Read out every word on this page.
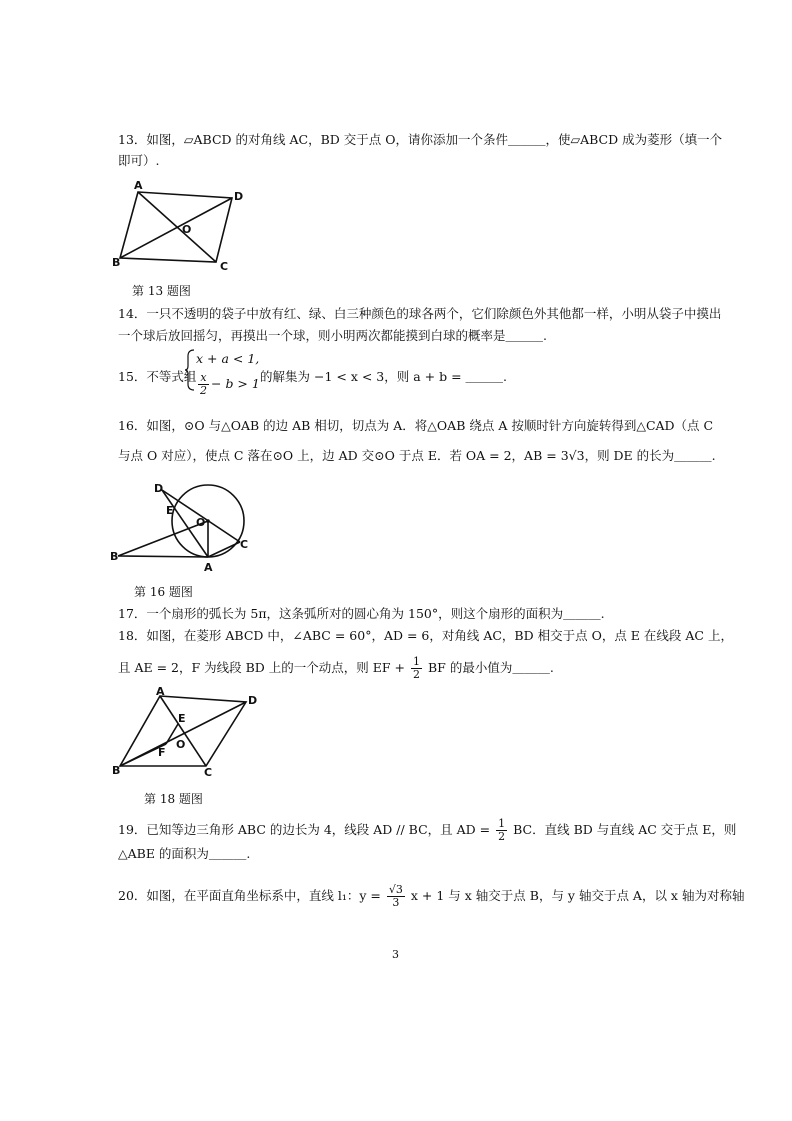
13．如图，▱ABCD 的对角线 AC，BD 交于点 O，请你添加一个条件＿＿＿，使▱ABCD 成为菱形（填一个
即可）.
A
D
O
B	C
第 13 题图
14．一只不透明的袋子中放有红、绿、白三种颜色的球各两个，它们除颜色外其他都一样，小明从袋子中摸出
一个球后放回摇匀，再摸出一个球，则小明两次都能摸到白球的概率是＿＿＿.
15．不等式组
x + a < 1,
$\frac{x}{2} - b > 1$ 的解集为 −1 < x < 3，则 a + b = ＿＿＿.
16．如图，⊙O 与△OAB 的边 AB 相切，切点为 A．将△OAB 绕点 A 按顺时针方向旋转得到△CAD（点 C
与点 O 对应），使点 C 落在⊙O 上，边 AD 交⊙O 于点 E．若 OA = 2，AB = 3√3，则 DE 的长为＿＿＿.
D
E
O
C
B
A
第 16 题图
17．一个扇形的弧长为 5π，这条弧所对的圆心角为 150°，则这个扇形的面积为＿＿＿.
18．如图，在菱形 ABCD 中，∠ABC = 60°，AD = 6，对角线 AC，BD 相交于点 O，点 E 在线段 AC 上，
且 AE = 2，F 为线段 BD 上的一个动点，则 EF + $\frac{1}{2}$ BF 的最小值为＿＿＿.
A
D
E
O
F
B	C
第 18 题图
19．已知等边三角形 ABC 的边长为 4，线段 AD // BC，且 AD = $\frac{1}{2}$ BC．直线 BD 与直线 AC 交于点 E，则
△ABE 的面积为＿＿＿.
20．如图，在平面直角坐标系中，直线 l₁：$y = \frac{√3}{3}$ x + 1 与 x 轴交于点 B，与 y 轴交于点 A，以 x 轴为对称轴
3
